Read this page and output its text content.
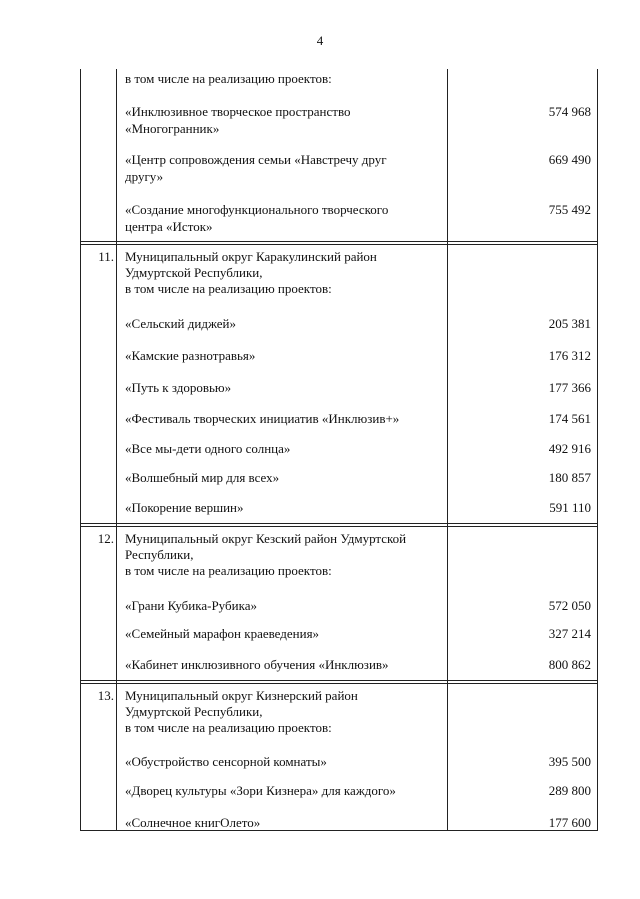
4
в том числе на реализацию проектов:
«Инклюзивное творческое пространство
«Многогранник»
574 968
«Центр сопровождения семьи «Навстречу друг
другу»
669 490
«Создание многофункционального творческого
центра «Исток»
755 492
11. Муниципальный округ Каракулинский район
Удмуртской Республики,
в том числе на реализацию проектов:
«Сельский диджей»	205 381
«Камские разнотравья»	176 312
«Путь к здоровью»	177 366
«Фестиваль творческих инициатив «Инклюзив+»	174 561
«Все мы-дети одного солнца»	492 916
«Волшебный мир для всех»	180 857
«Покорение вершин»	591 110
12. Муниципальный округ Кезский район Удмуртской
Республики,
в том числе на реализацию проектов:
«Грани Кубика-Рубика»	572 050
«Семейный марафон краеведения»	327 214
«Кабинет инклюзивного обучения «Инклюзив»	800 862
13. Муниципальный округ Кизнерский район
Удмуртской Республики,
в том числе на реализацию проектов:
«Обустройство сенсорной комнаты»	395 500
«Дворец культуры «Зори Кизнера» для каждого»	289 800
«Солнечное книгОлето»	177 600
